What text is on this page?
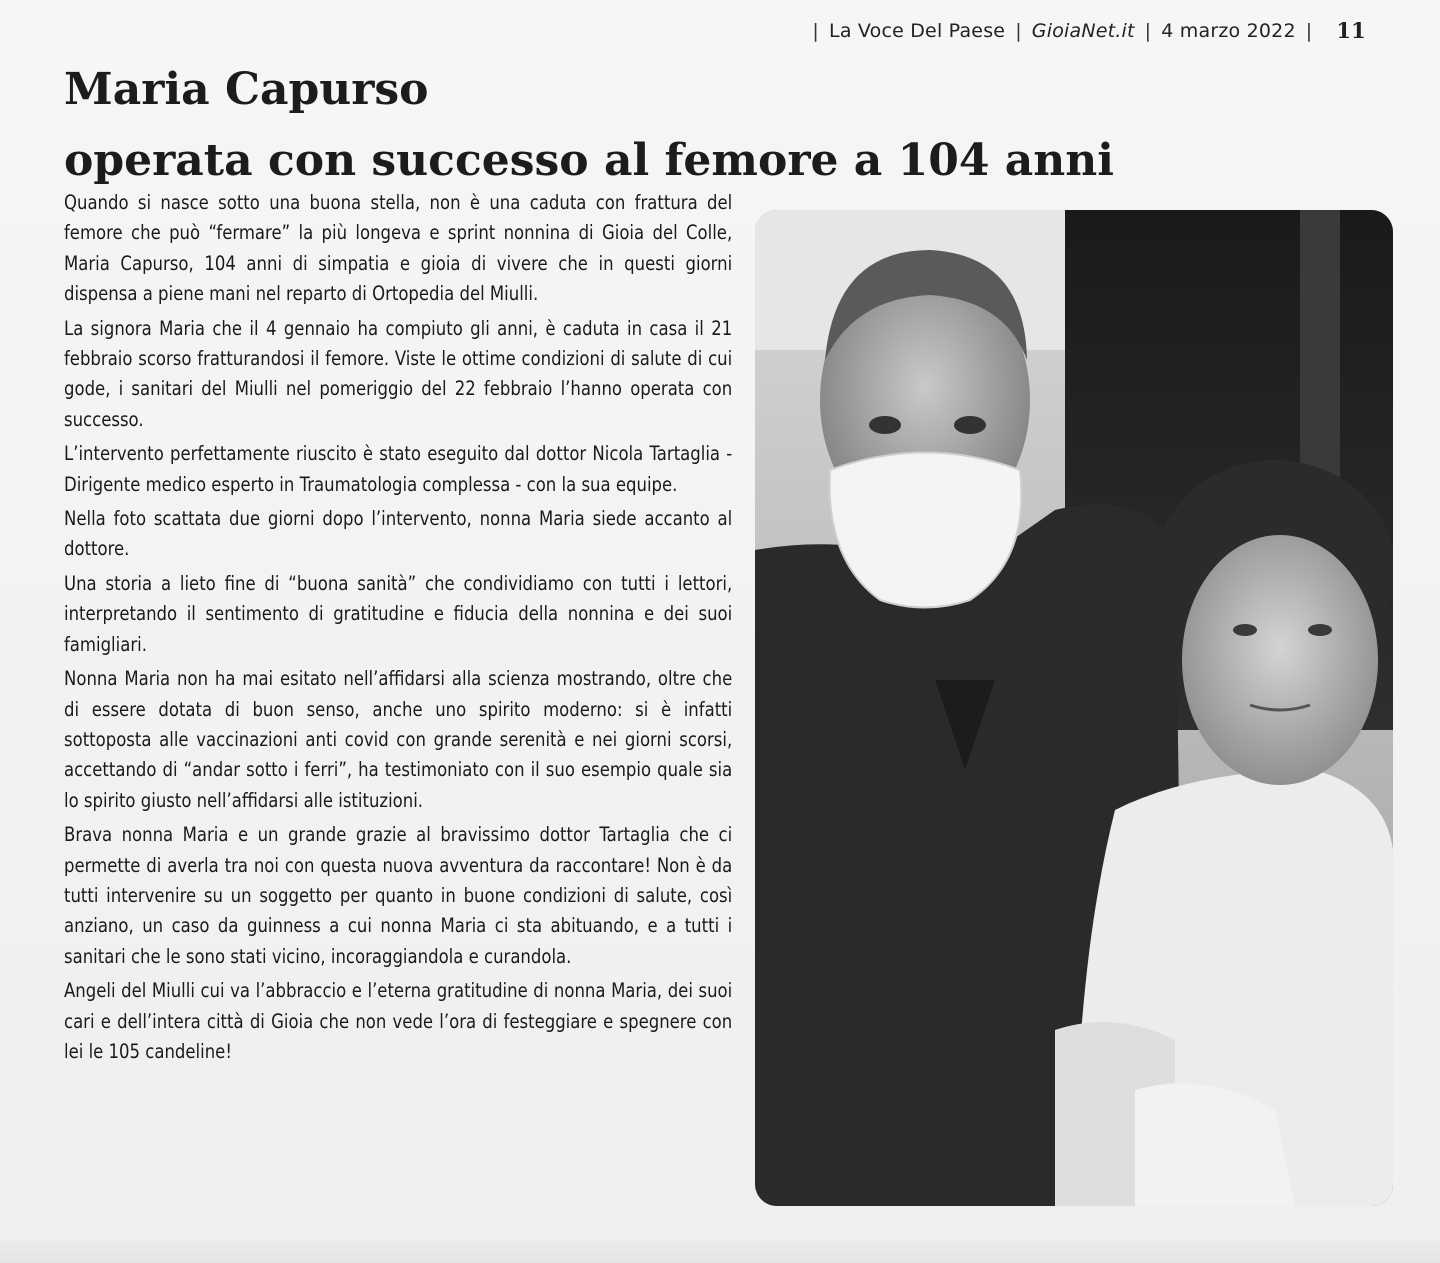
| La Voce Del Paese | GioiaNet.it | 4 marzo 2022 | 11
Maria Capurso
operata con successo al femore a 104 anni

Quando si nasce sotto una buona stella, non è una caduta con frattura del femore che può “fermare” la più longeva e sprint nonnina di Gioia del Colle, Maria Capurso, 104 anni di simpatia e gioia di vivere che in questi giorni dispensa a piene mani nel reparto di Ortopedia del Miulli.

La signora Maria che il 4 gennaio ha compiuto gli anni, è caduta in casa il 21 febbraio scorso fratturandosi il femore. Viste le ottime condizioni di salute di cui gode, i sanitari del Miulli nel pomeriggio del 22 febbraio l’hanno operata con successo.

L’intervento perfettamente riuscito è stato eseguito dal dottor Nicola Tartaglia - Dirigente medico esperto in Traumatologia complessa - con la sua equipe.

Nella foto scattata due giorni dopo l’intervento, nonna Maria siede accanto al dottore.

Una storia a lieto fine di “buona sanità” che condividiamo con tutti i lettori, interpretando il sentimento di gratitudine e fiducia della nonnina e dei suoi famigliari.

Nonna Maria non ha mai esitato nell’affidarsi alla scienza mostrando, oltre che di essere dotata di buon senso, anche uno spirito moderno: si è infatti sottoposta alle vaccinazioni anti covid con grande serenità e nei giorni scorsi, accettando di “andar sotto i ferri”, ha testimoniato con il suo esempio quale sia lo spirito giusto nell’affidarsi alle istituzioni.

Brava nonna Maria e un grande grazie al bravissimo dottor Tartaglia che ci permette di averla tra noi con questa nuova avventura da raccontare! Non è da tutti intervenire su un soggetto per quanto in buone condizioni di salute, così anziano, un caso da guinness a cui nonna Maria ci sta abituando, e a tutti i sanitari che le sono stati vicino, incoraggiandola e curandola.

Angeli del Miulli cui va l’abbraccio e l’eterna gratitudine di nonna Maria, dei suoi cari e dell’intera città di Gioia che non vede l’ora di festeggiare e spegnere con lei le 105 candeline!
